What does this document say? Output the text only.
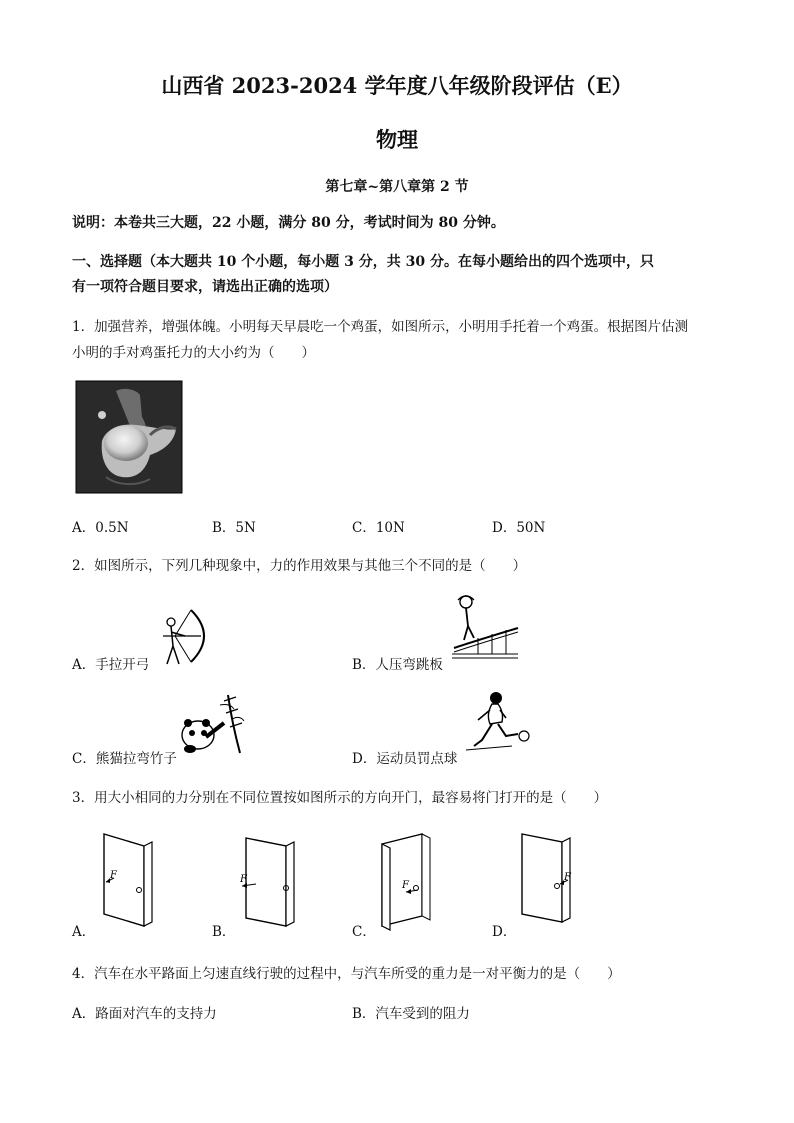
山西省 2023-2024 学年度八年级阶段评估（E）
物理
第七章~第八章第 2 节
说明：本卷共三大题，22 小题，满分 80 分，考试时间为 80 分钟。
一、选择题（本大题共 10 个小题，每小题 3 分，共 30 分。在每小题给出的四个选项中，只
有一项符合题目要求，请选出正确的选项）
1．加强营养，增强体魄。小明每天早晨吃一个鸡蛋，如图所示，小明用手托着一个鸡蛋。根据图片估测
小明的手对鸡蛋托力的大小约为（　　）
A．0.5N	B．5N	C．10N	D．50N
2．如图所示，下列几种现象中，力的作用效果与其他三个不同的是（　　）
A．手拉开弓	B．人压弯跳板
C．熊猫拉弯竹子	D．运动员罚点球
3．用大小相同的力分别在不同位置按如图所示的方向开门，最容易将门打开的是（　　）
F
A．
F
B．
F
C．
F
D．
4．汽车在水平路面上匀速直线行驶的过程中，与汽车所受的重力是一对平衡力的是（　　）
A．路面对汽车的支持力	B．汽车受到的阻力
